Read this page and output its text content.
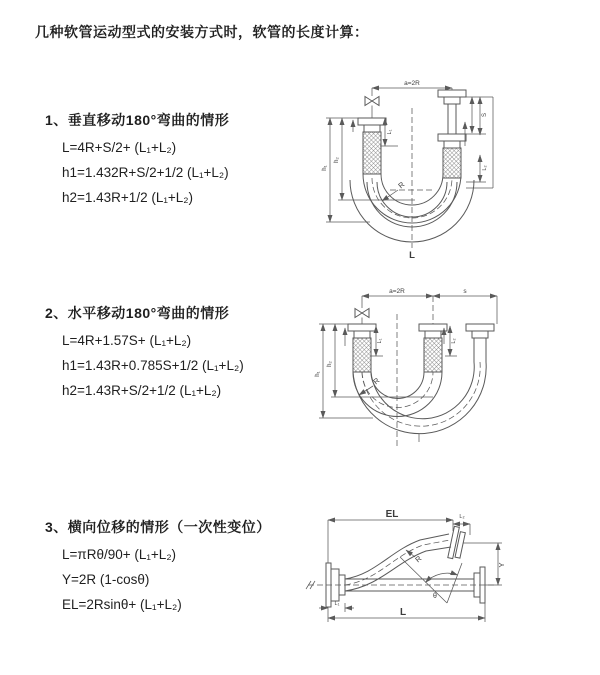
几种软管运动型式的安装方式时，软管的长度计算：
1、垂直移动180°弯曲的情形
L=4R+S/2+ (L₁+L₂)
h1=1.432R+S/2+1/2 (L₁+L₂)
h2=1.43R+1/2 (L₁+L₂)
2、水平移动180°弯曲的情形
L=4R+1.57S+ (L₁+L₂)
h1=1.43R+0.785S+1/2 (L₁+L₂)
h2=1.43R+S/2+1/2 (L₁+L₂)
3、横向位移的情形（一次性变位）
L=πRθ/90+ (L₁+L₂)
Y=2R (1-cosθ)
EL=2Rsinθ+ (L₁+L₂)
a=2R
h₁
h₂
L₁
S
L₂
R
L
a=2R	s
h₁
h₂
L₁	L₂
R
EL	L₂
Y
R
θ
L₁
L
